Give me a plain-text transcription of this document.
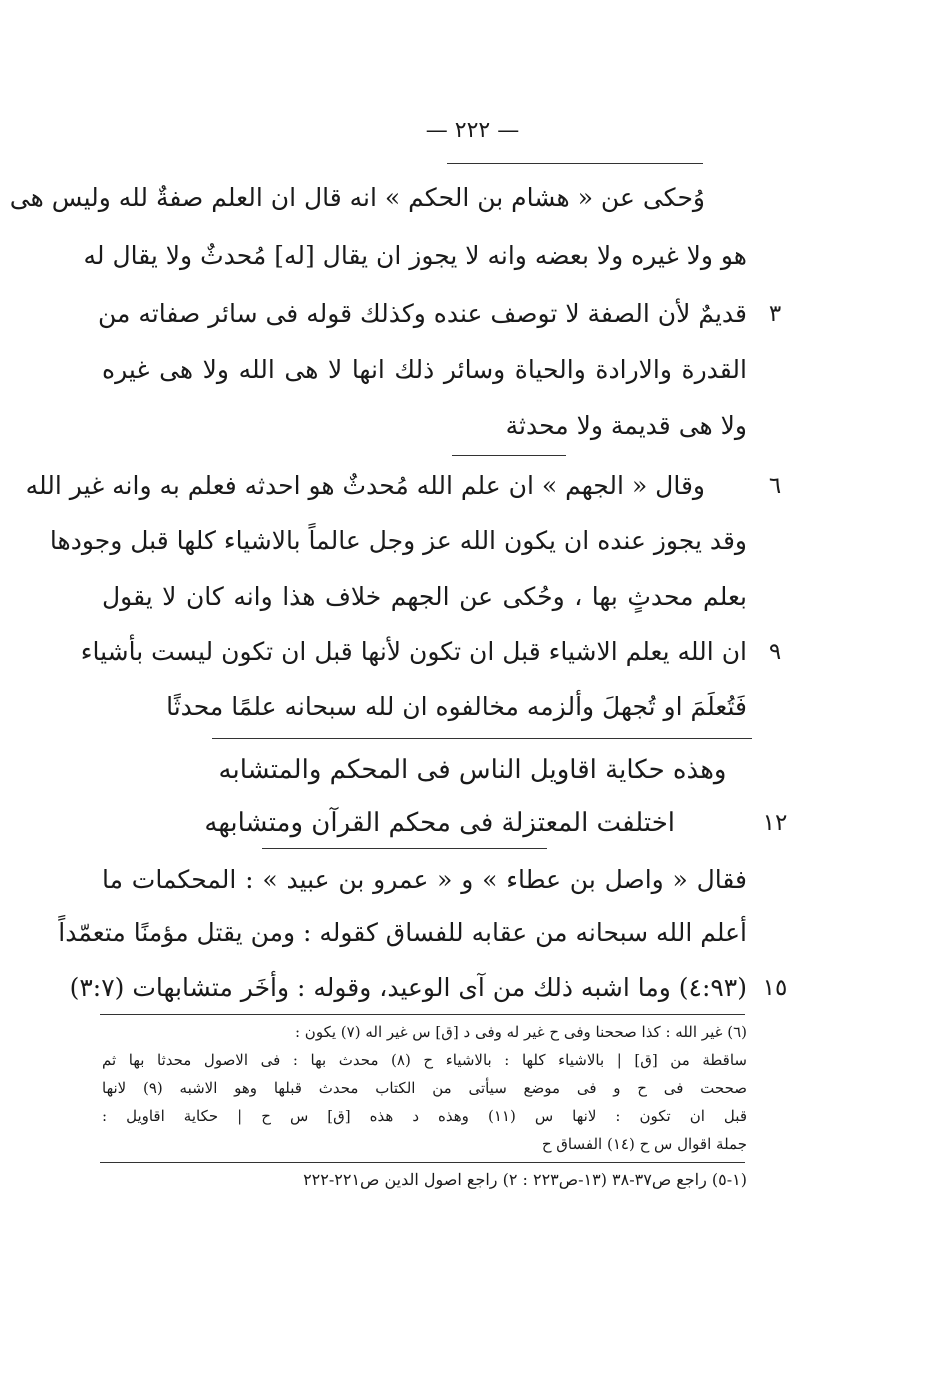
— ٢٢٢ —
وُحكى عن « هشام بن الحكم » انه قال ان العلم صفةٌ لله وليس هى
هو ولا غيره ولا بعضه وانه لا يجوز ان يقال [له] مُحدثٌ ولا يقال له
قديمٌ لأن الصفة لا توصف عنده وكذلك قوله فى سائر صفاته من ٣
القدرة والارادة والحياة وسائر ذلك انها لا هى الله ولا هى غيره
ولا هى قديمة ولا محدثة
وقال « الجهم » ان علم الله مُحدثٌ هو احدثه فعلم به وانه غير الله	٦
وقد يجوز عنده ان يكون الله عز وجل عالماً بالاشياء كلها قبل وجودها
بعلم محدثٍ بها ، وحُكى عن الجهم خلاف هذا وانه كان لا يقول
ان الله يعلم الاشياء قبل ان تكون لأنها قبل ان تكون ليست بأشياء ٩
فَتُعلَمَ او تُجهلَ وألزمه مخالفوه ان لله سبحانه علمًا محدثًا
وهذه حكاية اقاويل الناس فى المحكم والمتشابه
اختلفت المعتزلة فى محكم القرآن ومتشابهه	١٢
فقال « واصل بن عطاء » و « عمرو بن عبيد » : المحكمات ما
أعلم الله سبحانه من عقابه للفساق كقوله : ومن يقتل مؤمنًا متعمّداً
(٤:٩٣) وما اشبه ذلك من آى الوعيد، وقوله : وأخَر متشابهات (٣:٧) ١٥
(٦) غير الله : كذا صححنا وفى ح غير له وفى د [ق] س غير اله (٧) يكون :
ساقطة من [ق] | بالاشياء كلها : بالاشياء ح (٨) محدث بها : فى الاصول محدثا بها ثم
صححت فى ح و فى موضع سيأتى من الكتاب محدث قبلها وهو الاشبه (٩) لانها
قبل ان تكون : لانها س (١١) وهذه د هذه [ق] س ح | حكاية اقاويل :
جملة اقوال س ح (١٤) الفساق ح
(١-٥) راجع ص٣٧-٣٨ (١٣-ص٢٢٣ : ٢) راجع اصول الدين ص٢٢١-٢٢٢
